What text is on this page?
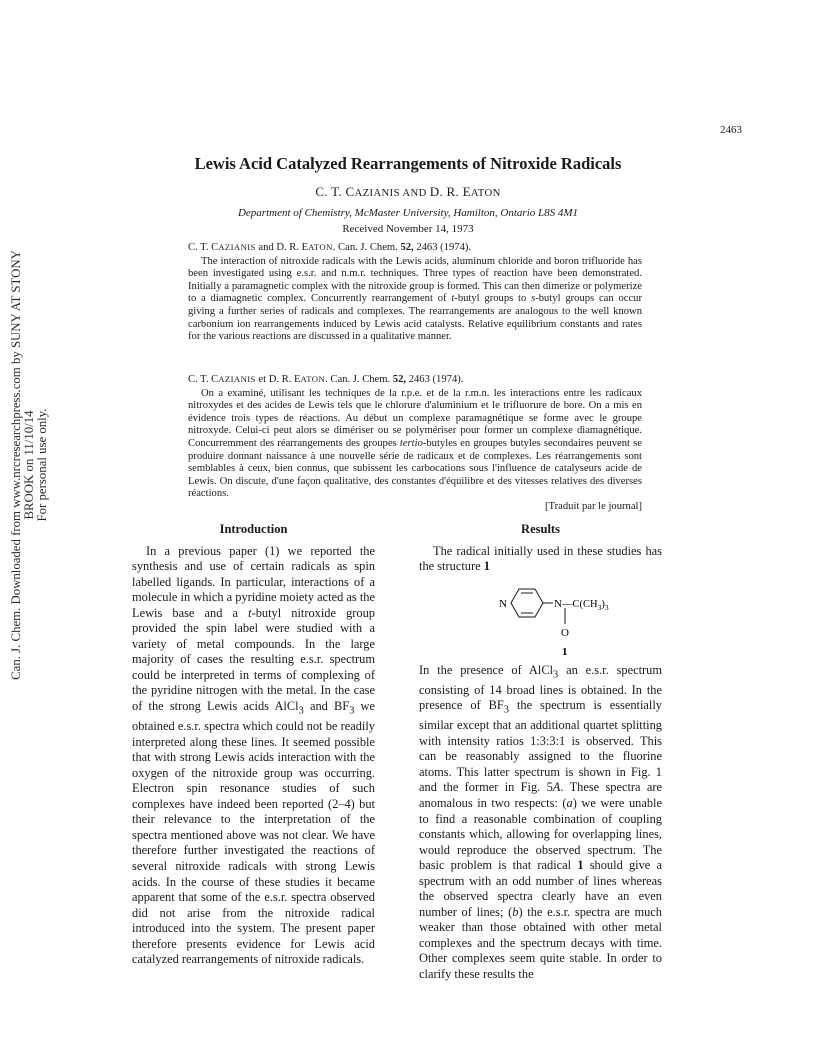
Can. J. Chem. Downloaded from www.nrcresearchpress.com by SUNY AT STONY BROOK on 11/10/14 For personal use only.
2463
Lewis Acid Catalyzed Rearrangements of Nitroxide Radicals
C. T. CAZIANIS AND D. R. EATON
Department of Chemistry, McMaster University, Hamilton, Ontario L8S 4M1
Received November 14, 1973

C. T. CAZIANIS and D. R. EATON. Can. J. Chem. 52, 2463 (1974).

The interaction of nitroxide radicals with the Lewis acids, aluminum chloride and boron trifluoride has been investigated using e.s.r. and n.m.r. techniques. Three types of reaction have been demonstrated. Initially a paramagnetic complex with the nitroxide group is formed. This can then dimerize or polymerize to a diamagnetic complex. Concurrently rearrangement of t-butyl groups to s-butyl groups can occur giving a further series of radicals and complexes. The rearrangements are analogous to the well known carbonium ion rearrangements induced by Lewis acid catalysts. Relative equilibrium constants and rates for the various reactions are discussed in a qualitative manner.

C. T. CAZIANIS et D. R. EATON. Can. J. Chem. 52, 2463 (1974).

On a examiné, utilisant les techniques de la r.p.e. et de la r.m.n. les interactions entre les radicaux nitroxydes et des acides de Lewis tels que le chlorure d'aluminium et le trifluorure de bore. On a mis en évidence trois types de réactions. Au début un complexe paramagnétique se forme avec le groupe nitroxyde. Celui-ci peut alors se dimériser ou se polymériser pour former un complexe diamagnétique. Concurremment des réarrangements des groupes tertio-butyles en groupes butyles secondaires peuvent se produire donnant naissance à une nouvelle série de radicaux et de complexes. Les réarrangements sont semblables à ceux, bien connus, que subissent les carbocations sous l'influence de catalyseurs acide de Lewis. On discute, d'une façon qualitative, des constantes d'équilibre et des vitesses relatives des diverses réactions.

[Traduit par le journal]

Introduction

In a previous paper (1) we reported the synthesis and use of certain radicals as spin labelled ligands. In particular, interactions of a molecule in which a pyridine moiety acted as the Lewis base and a t-butyl nitroxide group provided the spin label were studied with a variety of metal compounds. In the large majority of cases the resulting e.s.r. spectrum could be interpreted in terms of complexing of the pyridine nitrogen with the metal. In the case of the strong Lewis acids AlCl$_3$ and $BF_3$ we obtained e.s.r. spectra which could not be readily interpreted along these lines. It seemed possible that with strong Lewis acids interaction with the oxygen of the nitroxide group was occurring. Electron spin resonance studies of such complexes have indeed been reported (2–4) but their relevance to the interpretation of the spectra mentioned above was not clear. We have therefore further investigated the reactions of several nitroxide radicals with strong Lewis acids. In the course of these studies it became apparent that some of the e.s.r. spectra observed did not arise from the nitroxide radical introduced into the system. The present paper therefore presents evidence for Lewis acid catalyzed rearrangements of nitroxide radicals.

Results

The radical initially used in these studies has the structure 1

N	N $—C(CH_3)_3$
O
1

In the presence of AlCl$_3$ an e.s.r. spectrum consisting of 14 broad lines is obtained. In the presence of $BF_3$ the spectrum is essentially similar except that an additional quartet splitting with intensity ratios 1:3:3:1 is observed. This can be reasonably assigned to the fluorine atoms. This latter spectrum is shown in Fig. 1 and the former in Fig. 5A. These spectra are anomalous in two respects: (a) we were unable to find a reasonable combination of coupling constants which, allowing for overlapping lines, would reproduce the observed spectrum. The basic problem is that radical 1 should give a spectrum with an odd number of lines whereas the observed spectra clearly have an even number of lines; (b) the e.s.r. spectra are much weaker than those obtained with other metal complexes and the spectrum decays with time. Other complexes seem quite stable. In order to clarify these results the
